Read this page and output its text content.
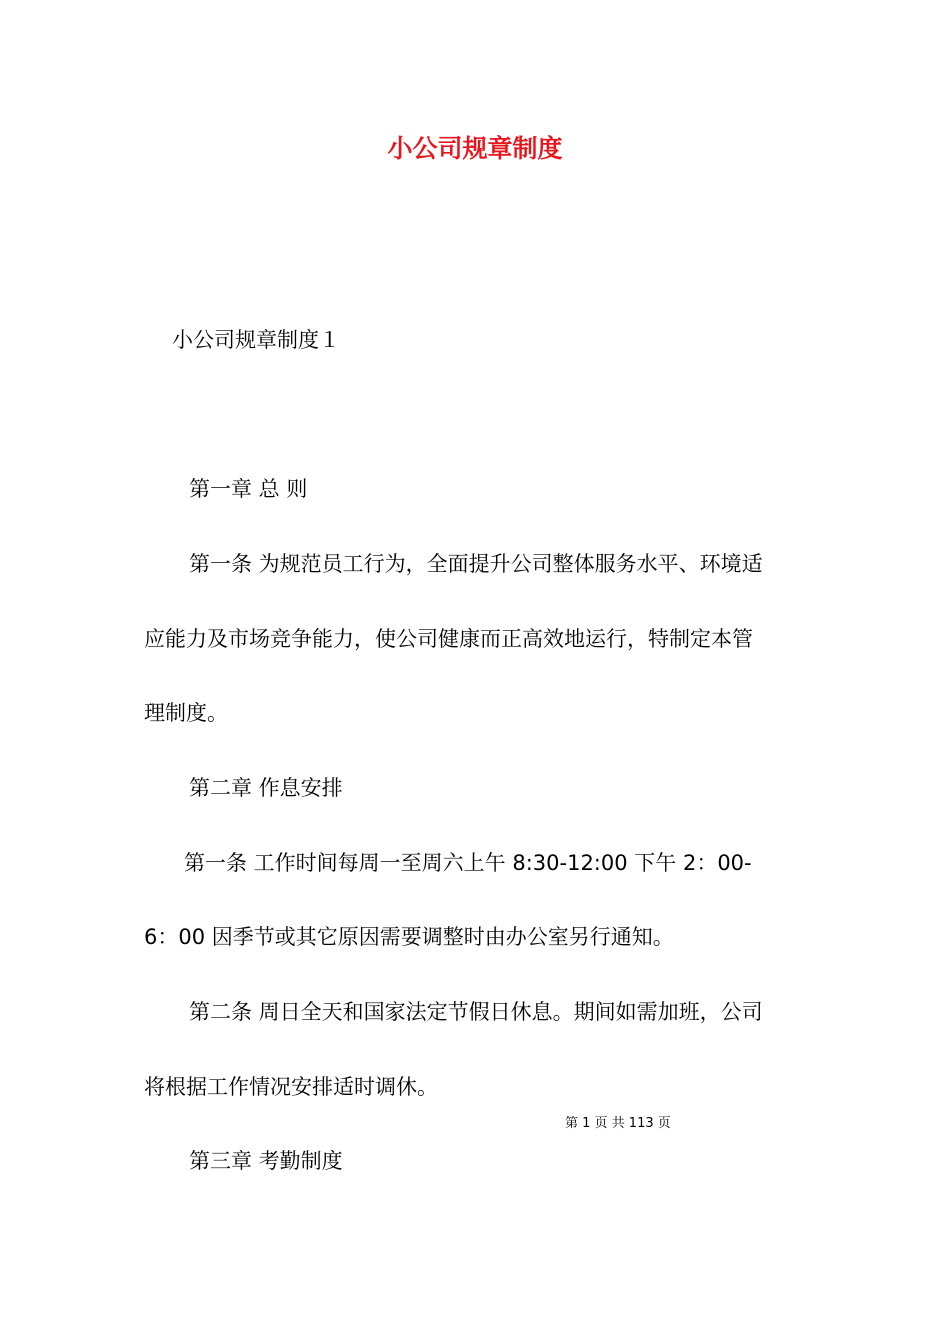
小公司规章制度
小公司规章制度１
第一章 总 则
第一条 为规范员工行为，全面提升公司整体服务水平、环境适
应能力及市场竞争能力，使公司健康而正高效地运行，特制定本管
理制度。
第二章 作息安排
第一条 工作时间每周一至周六上午 8:30-12:00 下午 2：00-
6：00 因季节或其它原因需要调整时由办公室另行通知。
第二条 周日全天和国家法定节假日休息。期间如需加班，公司
将根据工作情况安排适时调休。
第 1 页 共 113 页
第三章 考勤制度
